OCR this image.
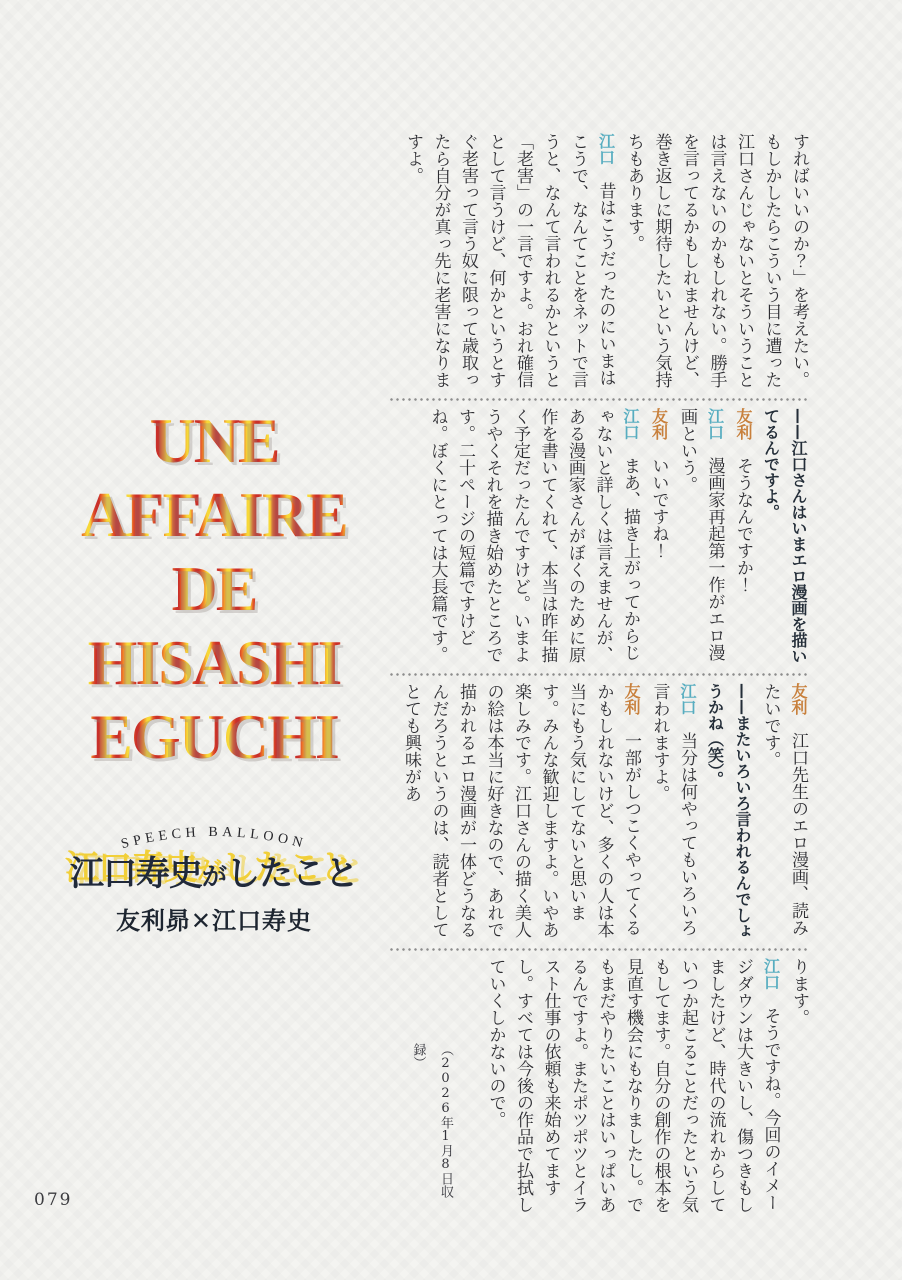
UNE
AFFAIRE
DE
HISASHI
EGUCHI
SPEECH BALLOON
江口寿史がしたこと
友利昴✕江口寿史

すればいいのか？」を考えたい。もしかしたらこういう目に遭った江口さんじゃないとそういうことは言えないのかもしれない。勝手を言ってるかもしれませんけど、巻き返しに期待したいという気持ちもあります。

江口　昔はこうだったのにいまはこうで、なんてことをネットで言うと、なんて言われるかというと「老害」の一言ですよ。おれ確信として言うけど、何かというとすぐ老害って言う奴に限って歳取ったら自分が真っ先に老害になりますよ。

——江口さんはいまエロ漫画を描いてるんですよ。

友利　そうなんですか！

江口　漫画家再起第一作がエロ漫画という。

友利　いいですね！

江口　まあ、描き上がってからじゃないと詳しくは言えませんが、ある漫画家さんがぼくのために原作を書いてくれて、本当は昨年描く予定だったんですけど。いまようやくそれを描き始めたところです。二十ページの短篇ですけどね。ぼくにとっては大長篇です。

友利　江口先生のエロ漫画、読みたいです。

——またいろいろ言われるんでしょうかね（笑）。

江口　当分は何やってもいろいろ言われますよ。

友利　一部がしつこくやってくるかもしれないけど、多くの人は本当にもう気にしてないと思います。みんな歓迎しますよ。いやあ楽しみです。江口さんの描く美人の絵は本当に好きなので、あれで描かれるエロ漫画が一体どうなるんだろうというのは、読者としてとても興味があ

ります。

江口　そうですね。今回のイメージダウンは大きいし、傷つきもしましたけど、時代の流れからしていつか起こることだったという気もしてます。自分の創作の根本を見直す機会にもなりましたし。でもまだやりたいことはいっぱいあるんですよ。またポツポツとイラスト仕事の依頼も来始めてますし。すべては今後の作品で払拭していくしかないので。

（2026年1月8日収録）

079
